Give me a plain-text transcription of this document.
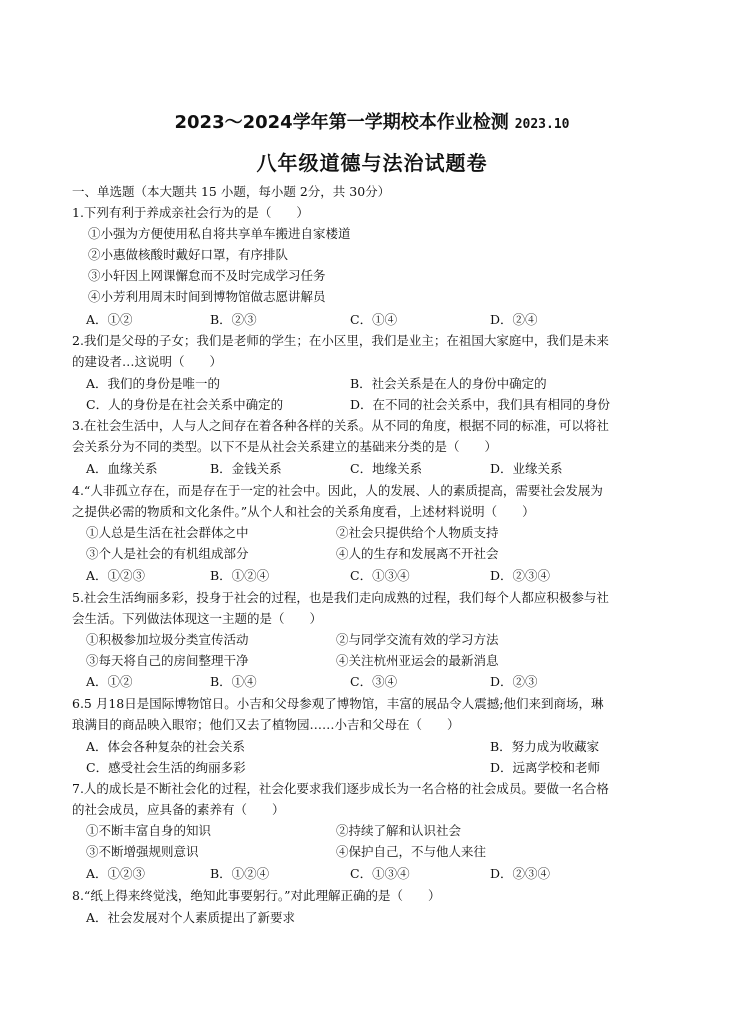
2023～2024学年第一学期校本作业检测 2023.10
八年级道德与法治试题卷
一、单选题（本大题共 15 小题，每小题 2分，共 30分）
1.下列有利于养成亲社会行为的是（　　）
①小强为方便使用私自将共享单车搬进自家楼道
②小惠做核酸时戴好口罩，有序排队
③小轩因上网课懈怠而不及时完成学习任务
④小芳利用周末时间到博物馆做志愿讲解员
A．①②	B．②③	C．①④	D．②④
2.我们是父母的子女；我们是老师的学生；在小区里，我们是业主；在祖国大家庭中，我们是未来
的建设者…这说明（　　）
A．我们的身份是唯一的	B．社会关系是在人的身份中确定的
C．人的身份是在社会关系中确定的	D．在不同的社会关系中，我们具有相同的身份
3.在社会生活中，人与人之间存在着各种各样的关系。从不同的角度，根据不同的标准，可以将社
会关系分为不同的类型。以下不是从社会关系建立的基础来分类的是（　　）
A．血缘关系	B．金钱关系	C．地缘关系	D．业缘关系
4.“人非孤立存在，而是存在于一定的社会中。因此，人的发展、人的素质提高，需要社会发展为
之提供必需的物质和文化条件。”从个人和社会的关系角度看，上述材料说明（　　）
①人总是生活在社会群体之中	②社会只提供给个人物质支持
③个人是社会的有机组成部分	④人的生存和发展离不开社会
A．①②③	B．①②④	C．①③④	D．②③④
5.社会生活绚丽多彩，投身于社会的过程，也是我们走向成熟的过程，我们每个人都应积极参与社
会生活。下列做法体现这一主题的是（　　）
①积极参加垃圾分类宣传活动	②与同学交流有效的学习方法
③每天将自己的房间整理干净	④关注杭州亚运会的最新消息
A．①②	B．①④	C．③④	D．②③
6.5 月18日是国际博物馆日。小吉和父母参观了博物馆，丰富的展品令人震撼;他们来到商场，琳
琅满目的商品映入眼帘；他们又去了植物园……小吉和父母在（　　）
A．体会各种复杂的社会关系	B．努力成为收藏家
C．感受社会生活的绚丽多彩	D．远离学校和老师
7.人的成长是不断社会化的过程，社会化要求我们逐步成长为一名合格的社会成员。要做一名合格
的社会成员，应具备的素养有（　　）
①不断丰富自身的知识	②持续了解和认识社会
③不断增强规则意识	④保护自己，不与他人来往
A．①②③	B．①②④	C．①③④	D．②③④
8.“纸上得来终觉浅，绝知此事要躬行。”对此理解正确的是（　　）
A．社会发展对个人素质提出了新要求
